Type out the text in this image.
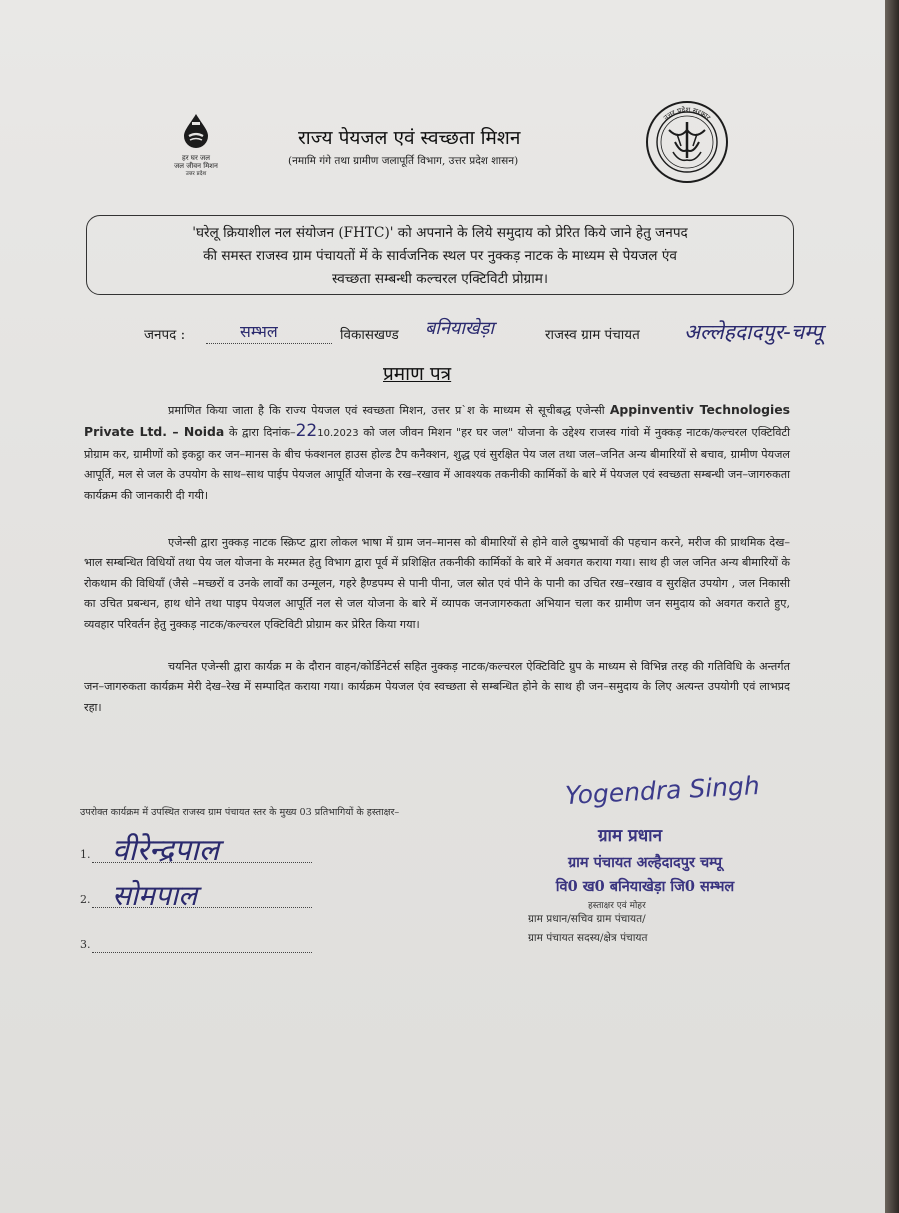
हर घर जल
जल जीवन मिशन
उत्तर प्रदेश
राज्य पेयजल एवं स्वच्छता मिशन
(नमामि गंगे तथा ग्रामीण जलापूर्ति विभाग, उत्तर प्रदेश शासन)
उत्तर प्रदेश सरकार
'घरेलू क्रियाशील नल संयोजन (FHTC)' को अपनाने के लिये समुदाय को प्रेरित किये जाने हेतु जनपद
की समस्त राजस्व ग्राम पंचायतों में के सार्वजनिक स्थल पर नुक्कड़ नाटक के माध्यम से पेयजल एंव
स्वच्छता सम्बन्धी कल्चरल एक्टिविटी प्रोग्राम।
जनपद :	सम्भल	विकासखण्ड बनियाखेड़ा	राजस्व ग्राम पंचायत अल्लेहदादपुर-चम्पू
प्रमाण पत्र
प्रमाणित किया जाता है कि राज्य पेयजल एवं स्वच्छता मिशन, उत्तर प्र`श के माध्यम से सूचीबद्ध एजेन्सी Appinventiv Technologies Private Ltd. – Noida के द्वारा दिनांक–2210.2023 को जल जीवन मिशन "हर घर जल" योजना के उद्देश्य राजस्व गांवो में नुक्कड़ नाटक/कल्चरल एक्टिविटी प्रोग्राम कर, ग्रामीणों को इकट्ठा कर जन–मानस के बीच फंक्शनल हाउस होल्ड टैप कनैक्शन, शुद्ध एवं सुरक्षित पेय जल तथा जल–जनित अन्य बीमारियों से बचाव, ग्रामीण पेयजल आपूर्ति, मल से जल के उपयोग के साथ–साथ पाईप पेयजल आपूर्ति योजना के रख–रखाव में आवश्यक तकनीकी कार्मिकों के बारे में पेयजल एवं स्वच्छता सम्बन्धी जन–जागरुकता कार्यक्रम की जानकारी दी गयी।
एजेन्सी द्वारा नुक्कड़ नाटक स्क्रिप्ट द्वारा लोकल भाषा में ग्राम जन–मानस को बीमारियों से होने वाले दुष्प्रभावों की पहचान करने, मरीज की प्राथमिक देख–भाल सम्बन्धित विधियों तथा पेय जल योजना के मरम्मत हेतु विभाग द्वारा पूर्व में प्रशिक्षित तकनीकी कार्मिकों के बारे में अवगत कराया गया। साथ ही जल जनित अन्य बीमारियों के रोकथाम की विधियाँ (जैसे –मच्छरों व उनके लार्वों का उन्मूलन, गहरे हैण्डपम्प से पानी पीना, जल स्रोत एवं पीने के पानी का उचित रख–रखाव व सुरक्षित उपयोग , जल निकासी का उचित प्रबन्धन, हाथ धोने तथा पाइप पेयजल आपूर्ति नल से जल योजना के बारे में व्यापक जनजागरुकता अभियान चला कर ग्रामीण जन समुदाय को अवगत कराते हुए, व्यवहार परिवर्तन हेतु नुक्कड़ नाटक/कल्चरल एक्टिविटी प्रोग्राम कर प्रेरित किया गया।
चयनित एजेन्सी द्वारा कार्यक्र म के दौरान वाहन/कोर्डिनेटर्स सहित नुक्कड़ नाटक/कल्चरल ऐक्टिविटि ग्रुप के माध्यम से विभिन्न तरह की गतिविधि के अन्तर्गत जन–जागरुकता कार्यक्रम मेरी देख–रेख में सम्पादित कराया गया। कार्यक्रम पेयजल एंव स्वच्छता से सम्बन्धित होने के साथ ही जन–समुदाय के लिए अत्यन्त उपयोगी एवं लाभप्रद रहा।
उपरोक्त कार्यक्रम में उपस्थित राजस्व ग्राम पंचायत स्तर के मुख्य 03 प्रतिभागियों के हस्ताक्षर–
1. वीरेन्द्रपाल
2. सोमपाल
3.
Yogendra Singh
ग्राम प्रधान
ग्राम पंचायत अल्हैदादपुर चम्पू
वि0 ख0 बनियाखेड़ा जि0 सम्भल
हस्ताक्षर एवं मोहर
ग्राम प्रधान/सचिव ग्राम पंचायत/
ग्राम पंचायत सदस्य/क्षेत्र पंचायत
